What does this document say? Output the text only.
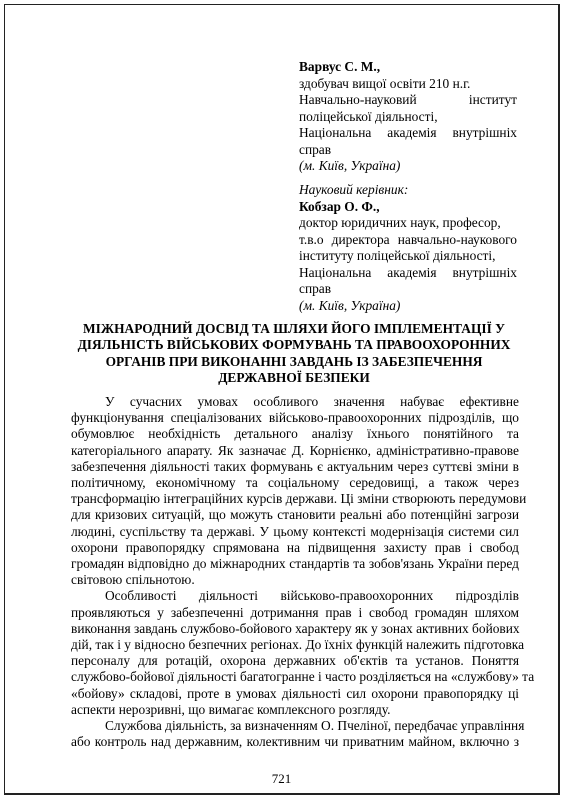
Варвус С. М.,
здобувач вищої освіти 210 н.г.
Навчально-науковий інститут
поліцейської діяльності,
Національна академія внутрішніх
справ
(м. Київ, Україна)
Науковий керівник:
Кобзар О. Ф.,
доктор юридичних наук, професор,
т.в.о директора навчально-наукового
інституту поліцейської діяльності,
Національна академія внутрішніх
справ
(м. Київ, Україна)
МІЖНАРОДНИЙ ДОСВІД ТА ШЛЯХИ ЙОГО ІМПЛЕМЕНТАЦІЇ У
ДІЯЛЬНІСТЬ ВІЙСЬКОВИХ ФОРМУВАНЬ ТА ПРАВООХОРОННИХ
ОРГАНІВ ПРИ ВИКОНАННІ ЗАВДАНЬ ІЗ ЗАБЕЗПЕЧЕННЯ
ДЕРЖАВНОЇ БЕЗПЕКИ
У сучасних умовах особливого значення набуває ефективне
функціонування спеціалізованих військово-правоохоронних підрозділів, що
обумовлює необхідність детального аналізу їхнього понятійного та
категоріального апарату. Як зазначає Д. Корнієнко, адміністративно-правове
забезпечення діяльності таких формувань є актуальним через суттєві зміни в
політичному, економічному та соціальному середовищі, а також через
трансформацію інтеграційних курсів держави. Ці зміни створюють передумови
для кризових ситуацій, що можуть становити реальні або потенційні загрози
людині, суспільству та державі. У цьому контексті модернізація системи сил
охорони правопорядку спрямована на підвищення захисту прав і свобод
громадян відповідно до міжнародних стандартів та зобов'язань України перед
світовою спільнотою.
Особливості діяльності військово-правоохоронних підрозділів
проявляються у забезпеченні дотримання прав і свобод громадян шляхом
виконання завдань службово-бойового характеру як у зонах активних бойових
дій, так і у відносно безпечних регіонах. До їхніх функцій належить підготовка
персоналу для ротацій, охорона державних об'єктів та установ. Поняття
службово-бойової діяльності багатогранне і часто розділяється на «службову» та
«бойову» складові, проте в умовах діяльності сил охорони правопорядку ці
аспекти нерозривні, що вимагає комплексного розгляду.
Службова діяльність, за визначенням О. Пчеліної, передбачає управління
або контроль над державним, колективним чи приватним майном, включно з
721
